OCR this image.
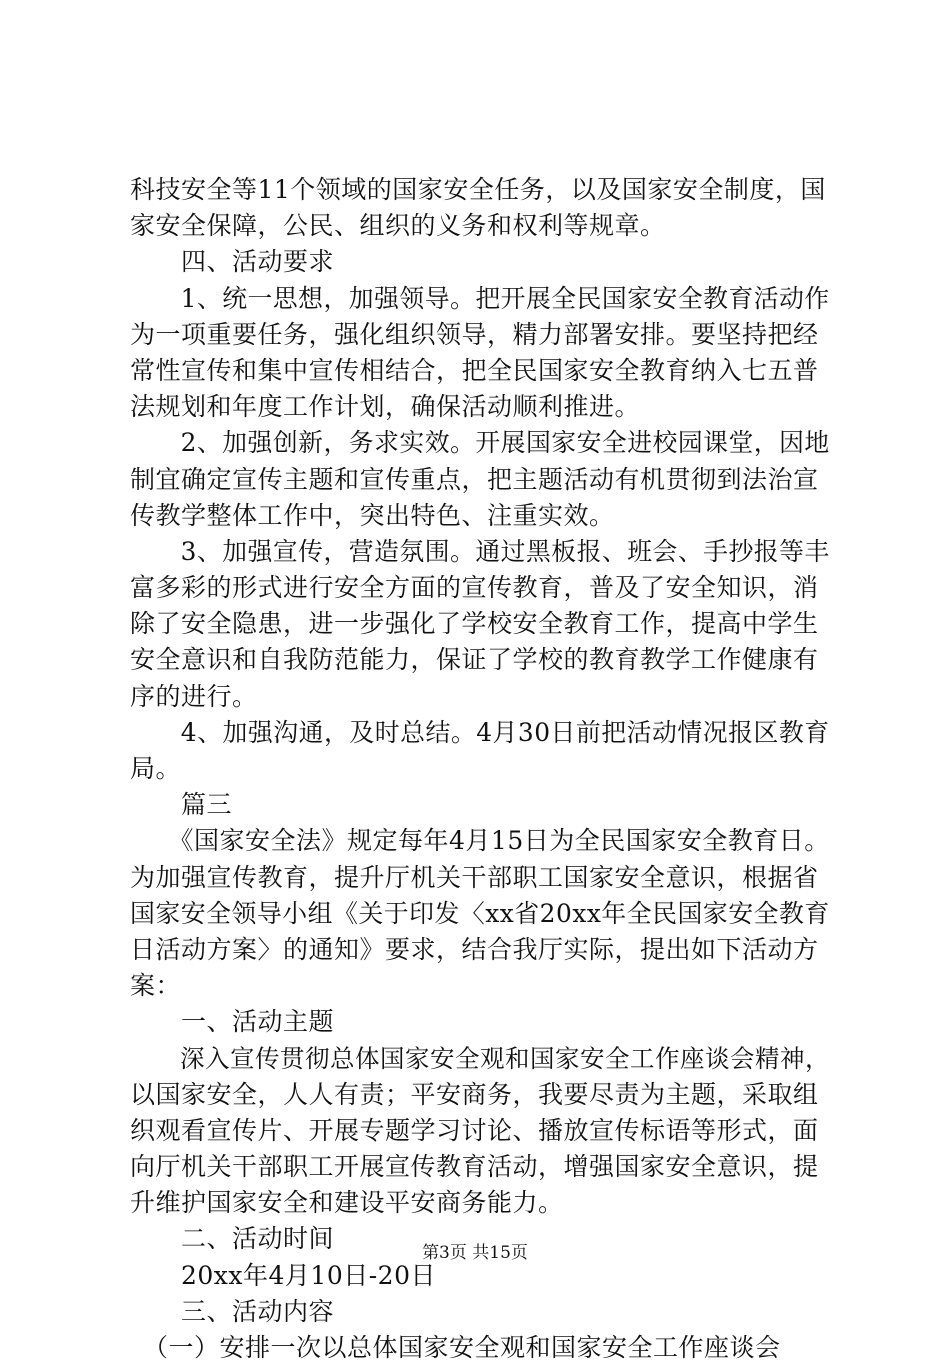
科技安全等11个领域的国家安全任务，以及国家安全制度，国
家安全保障，公民、组织的义务和权利等规章。
　　四、活动要求
　　1、统一思想，加强领导。把开展全民国家安全教育活动作
为一项重要任务，强化组织领导，精力部署安排。要坚持把经
常性宣传和集中宣传相结合，把全民国家安全教育纳入七五普
法规划和年度工作计划，确保活动顺利推进。
　　2、加强创新，务求实效。开展国家安全进校园课堂，因地
制宜确定宣传主题和宣传重点，把主题活动有机贯彻到法治宣
传教学整体工作中，突出特色、注重实效。
　　3、加强宣传，营造氛围。通过黑板报、班会、手抄报等丰
富多彩的形式进行安全方面的宣传教育，普及了安全知识，消
除了安全隐患，进一步强化了学校安全教育工作，提高中学生
安全意识和自我防范能力，保证了学校的教育教学工作健康有
序的进行。
　　4、加强沟通，及时总结。4月30日前把活动情况报区教育
局。
　　篇三
　　《国家安全法》规定每年4月15日为全民国家安全教育日。
为加强宣传教育，提升厅机关干部职工国家安全意识，根据省
国家安全领导小组《关于印发〈xx省20xx年全民国家安全教育
日活动方案〉的通知》要求，结合我厅实际，提出如下活动方
案：
　　一、活动主题
　　深入宣传贯彻总体国家安全观和国家安全工作座谈会精神，
以国家安全，人人有责；平安商务，我要尽责为主题，采取组
织观看宣传片、开展专题学习讨论、播放宣传标语等形式，面
向厅机关干部职工开展宣传教育活动，增强国家安全意识，提
升维护国家安全和建设平安商务能力。
　　二、活动时间
　　20xx年4月10日-20日
　　三、活动内容
　（一）安排一次以总体国家安全观和国家安全工作座谈会
第3页 共15页
